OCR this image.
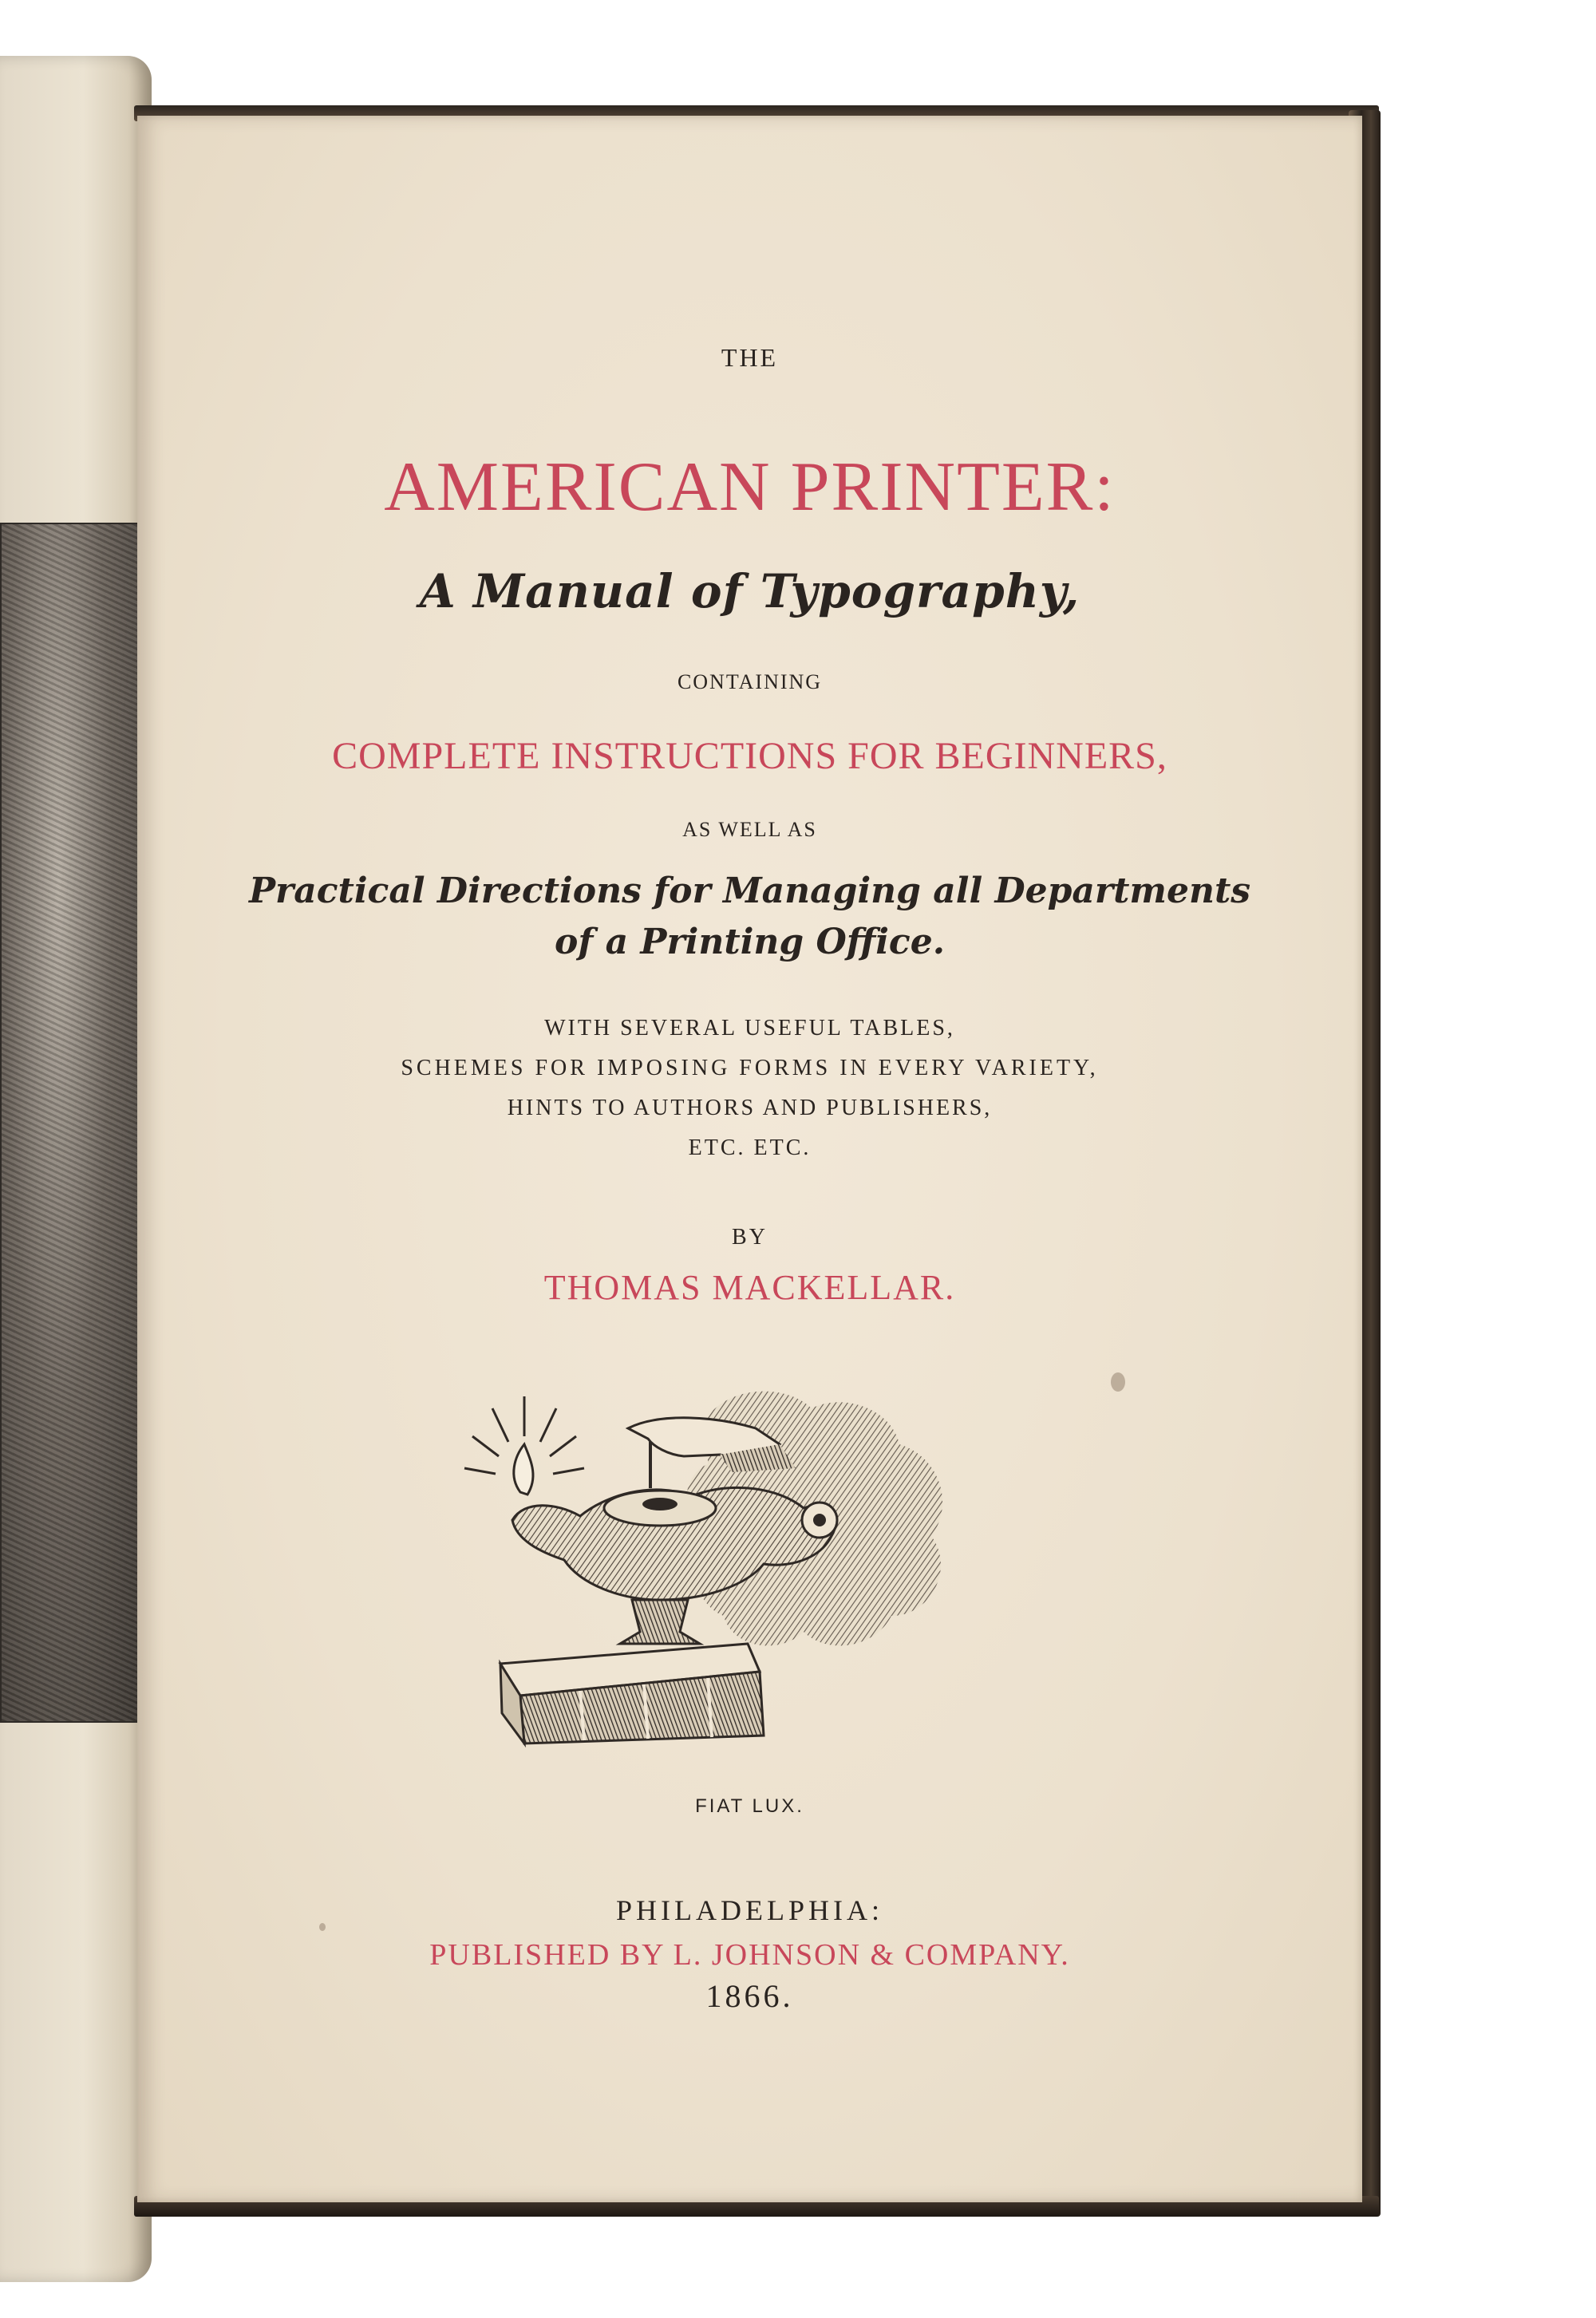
THE
AMERICAN PRINTER:
A Manual of Typography,
CONTAINING
COMPLETE INSTRUCTIONS FOR BEGINNERS,
AS WELL AS
Practical Directions for Managing all Departments
of a Printing Office.
WITH SEVERAL USEFUL TABLES,
SCHEMES FOR IMPOSING FORMS IN EVERY VARIETY,
HINTS TO AUTHORS AND PUBLISHERS,
ETC. ETC.
BY
THOMAS MACKELLAR.
FIAT LUX.
PHILADELPHIA:
PUBLISHED BY L. JOHNSON & COMPANY.
1866.
